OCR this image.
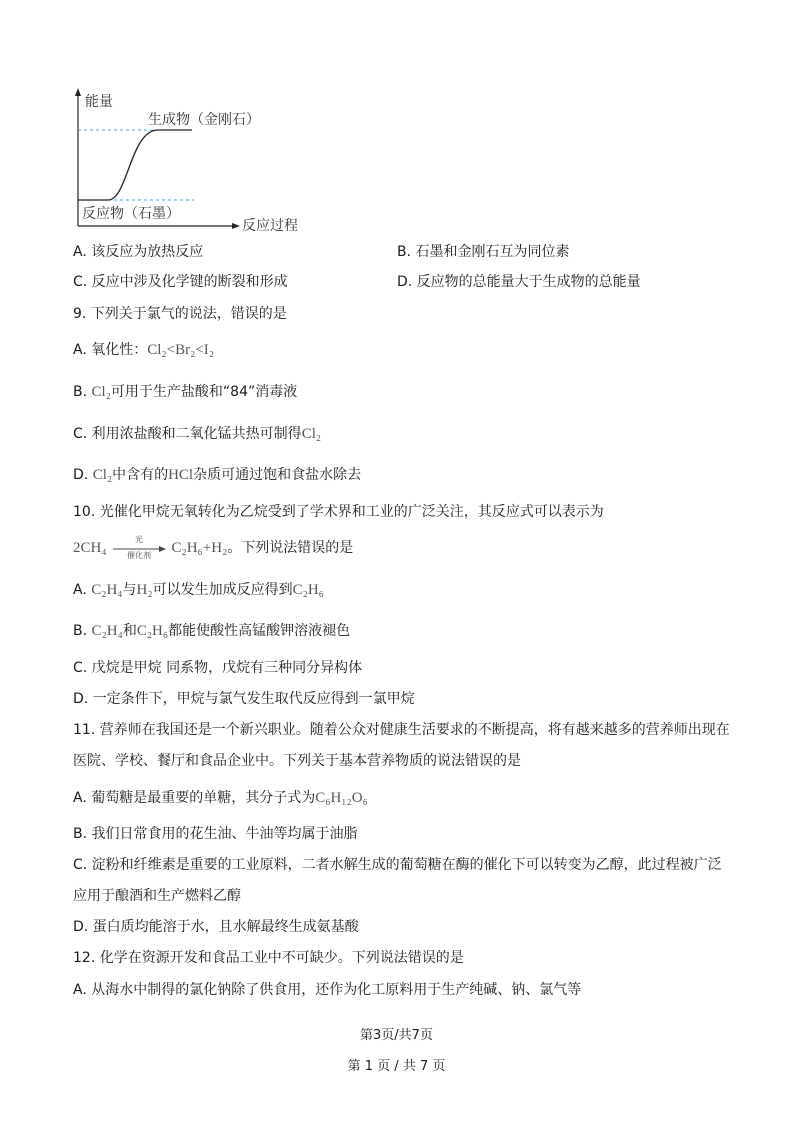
能量
生成物（金刚石）
反应物（石墨）
反应过程
A. 该反应为放热反应	B. 石墨和金刚石互为同位素
C. 反应中涉及化学键的断裂和形成	D. 反应物的总能量大于生成物的总能量
9. 下列关于氯气的说法，错误的是
A. 氧化性：Cl₂<Br₂<I₂
B. Cl₂可用于生产盐酸和“84”消毒液
C. 利用浓盐酸和二氧化锰共热可制得Cl₂
D. Cl₂中含有的HCl杂质可通过饱和食盐水除去
10. 光催化甲烷无氧转化为乙烷受到了学术界和工业的广泛关注，其反应式可以表示为
2CH₄
光
催化剂	C₂H₆+H₂。下列说法错误的是
A. C₂H₄与H₂可以发生加成反应得到C₂H₆
B. C₂H₄和C₂H₆都能使酸性高锰酸钾溶液褪色
C. 戊烷是甲烷 同系物，戊烷有三种同分异构体
D. 一定条件下，甲烷与氯气发生取代反应得到一氯甲烷
11. 营养师在我国还是一个新兴职业。随着公众对健康生活要求的不断提高，将有越来越多的营养师出现在
医院、学校、餐厅和食品企业中。下列关于基本营养物质的说法错误的是
A. 葡萄糖是最重要的单糖，其分子式为C₆H₁₂O₆
B. 我们日常食用的花生油、牛油等均属于油脂
C. 淀粉和纤维素是重要的工业原料，二者水解生成的葡萄糖在酶的催化下可以转变为乙醇，此过程被广泛
应用于酿酒和生产燃料乙醇
D. 蛋白质均能溶于水，且水解最终生成氨基酸
12. 化学在资源开发和食品工业中不可缺少。下列说法错误的是
A. 从海水中制得的氯化钠除了供食用，还作为化工原料用于生产纯碱、钠、氯气等
第3页/共7页
第 1 页 / 共 7 页
